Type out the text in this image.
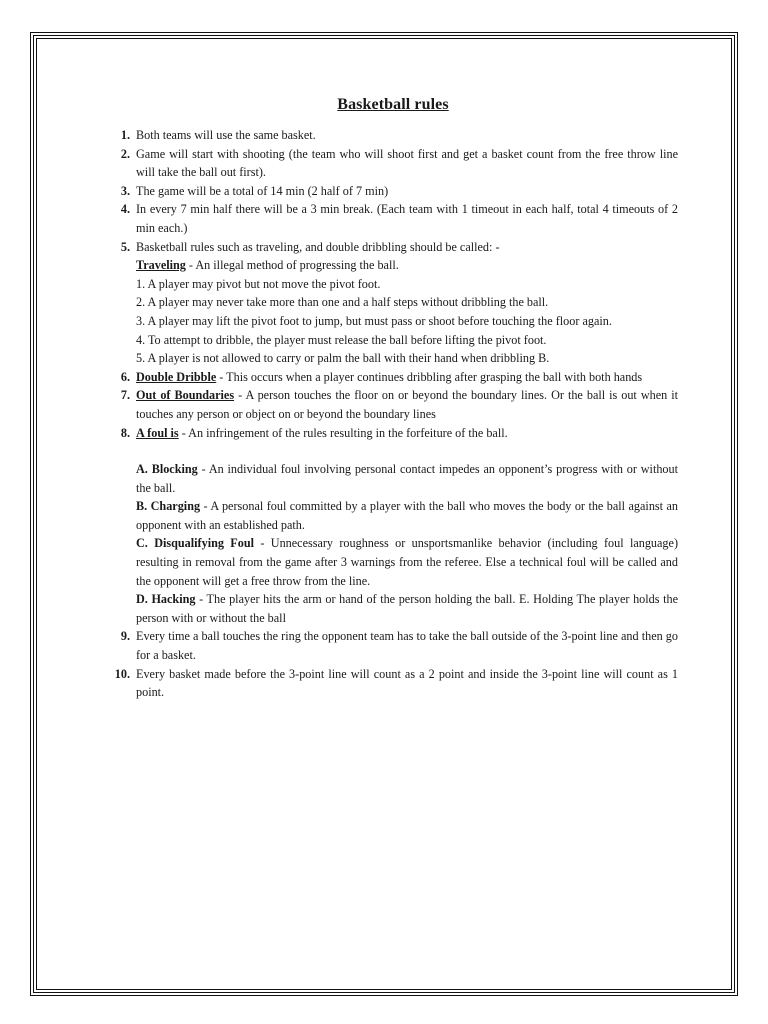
Basketball rules
1. Both teams will use the same basket.
2. Game will start with shooting (the team who will shoot first and get a basket count from the free throw line will take the ball out first).
3. The game will be a total of 14 min (2 half of 7 min)
4. In every 7 min half there will be a 3 min break. (Each team with 1 timeout in each half, total 4 timeouts of 2 min each.)
5. Basketball rules such as traveling, and double dribbling should be called: -
Traveling - An illegal method of progressing the ball.
1. A player may pivot but not move the pivot foot.
2. A player may never take more than one and a half steps without dribbling the ball.
3. A player may lift the pivot foot to jump, but must pass or shoot before touching the floor again.
4. To attempt to dribble, the player must release the ball before lifting the pivot foot.
5. A player is not allowed to carry or palm the ball with their hand when dribbling B.
6. Double Dribble - This occurs when a player continues dribbling after grasping the ball with both hands
7. Out of Boundaries - A person touches the floor on or beyond the boundary lines. Or the ball is out when it touches any person or object on or beyond the boundary lines
8. A foul is - An infringement of the rules resulting in the forfeiture of the ball.
A. Blocking - An individual foul involving personal contact impedes an opponent’s progress with or without the ball.
B. Charging - A personal foul committed by a player with the ball who moves the body or the ball against an opponent with an established path.
C. Disqualifying Foul - Unnecessary roughness or unsportsmanlike behavior (including foul language) resulting in removal from the game after 3 warnings from the referee. Else a technical foul will be called and the opponent will get a free throw from the line.
D. Hacking - The player hits the arm or hand of the person holding the ball. E. Holding The player holds the person with or without the ball
9. Every time a ball touches the ring the opponent team has to take the ball outside of the 3-point line and then go for a basket.
10. Every basket made before the 3-point line will count as a 2 point and inside the 3-point line will count as 1 point.
